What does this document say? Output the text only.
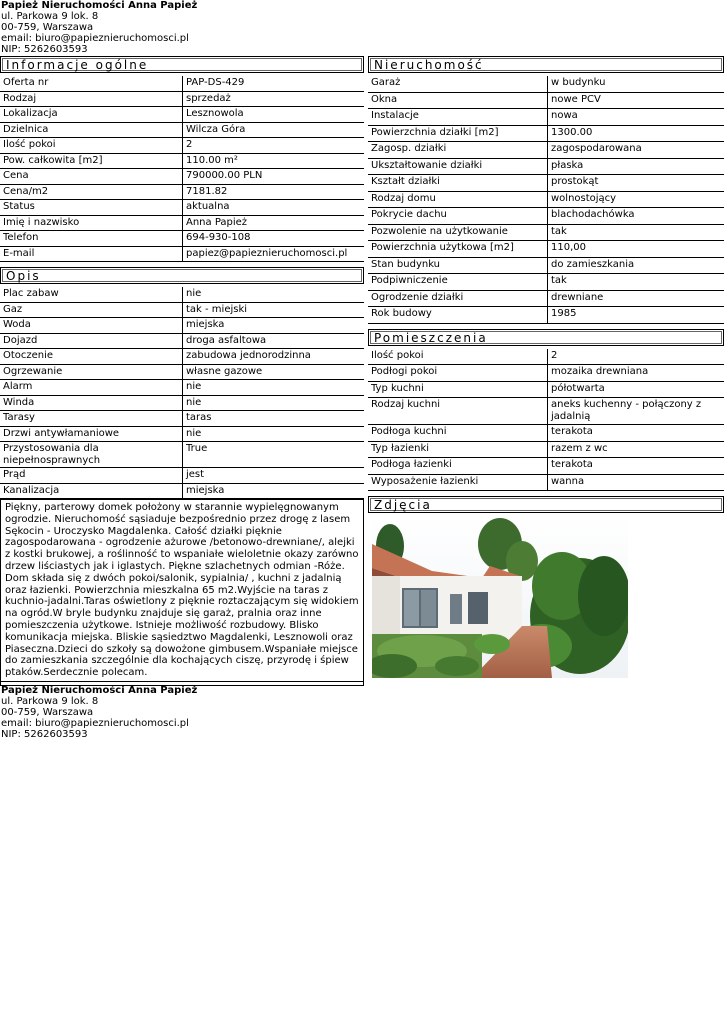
Papież Nieruchomości Anna Papież
ul. Parkowa 9 lok. 8
00-759, Warszawa
email: biuro@papieznieruchomosci.pl
NIP: 5262603593
Informacje ogólne
Oferta nr	PAP-DS-429
Rodzaj	sprzedaż
Lokalizacja	Lesznowola
Dzielnica	Wilcza Góra
Ilość pokoi	2
Pow. całkowita [m2]	110.00 m²
Cena	790000.00 PLN
Cena/m2	7181.82
Status	aktualna
Imię i nazwisko	Anna Papież
Telefon	694-930-108
E-mail	papiez@papieznieruchomosci.pl
Opis
Plac zabaw	nie
Gaz	tak - miejski
Woda	miejska
Dojazd	droga asfaltowa
Otoczenie	zabudowa jednorodzinna
Ogrzewanie	własne gazowe
Alarm	nie
Winda	nie
Tarasy	taras
Drzwi antywłamaniowe	nie
Przystosowania dla niepełnosprawnych	True
Prąd	jest
Kanalizacja	miejska
Piękny, parterowy domek położony w starannie wypielęgnowanym ogrodzie. Nieruchomość sąsiaduje bezpośrednio przez drogę z lasem Sękocin - Uroczysko Magdalenka. Całość działki pięknie zagospodarowana - ogrodzenie ażurowe /betonowo-drewniane/, alejki z kostki brukowej, a roślinność to wspaniałe wieloletnie okazy zarówno drzew liściastych jak i iglastych. Piękne szlachetnych odmian -Róże. Dom składa się z dwóch pokoi/salonik, sypialnia/ , kuchni z jadalnią oraz łazienki. Powierzchnia mieszkalna 65 m2.Wyjście na taras z kuchnio-jadalni.Taras oświetlony z pięknie roztaczającym się widokiem na ogród.W bryle budynku znajduje się garaż, pralnia oraz inne pomieszczenia użytkowe. Istnieje możliwość rozbudowy. Blisko komunikacja miejska. Bliskie sąsiedztwo Magdalenki, Lesznowoli oraz Piaseczna.Dzieci do szkoły są dowożone gimbusem.Wspaniałe miejsce do zamieszkania szczególnie dla kochających ciszę, przyrodę i śpiew ptaków.Serdecznie polecam.
Nieruchomość
Garaż	w budynku
Okna	nowe PCV
Instalacje	nowa
Powierzchnia działki [m2]	1300.00
Zagosp. działki	zagospodarowana
Ukształtowanie działki	płaska
Kształt działki	prostokąt
Rodzaj domu	wolnostojący
Pokrycie dachu	blachodachówka
Pozwolenie na użytkowanie	tak
Powierzchnia użytkowa [m2]	110,00
Stan budynku	do zamieszkania
Podpiwniczenie	tak
Ogrodzenie działki	drewniane
Rok budowy	1985
Pomieszczenia
Ilość pokoi	2
Podłogi pokoi	mozaika drewniana
Typ kuchni	półotwarta
Rodzaj kuchni	aneks kuchenny - połączony z jadalnią
Podłoga kuchni	terakota
Typ łazienki	razem z wc
Podłoga łazienki	terakota
Wyposażenie łazienki	wanna
Zdjęcia
Papież Nieruchomości Anna Papież
ul. Parkowa 9 lok. 8
00-759, Warszawa
email: biuro@papieznieruchomosci.pl
NIP: 5262603593
